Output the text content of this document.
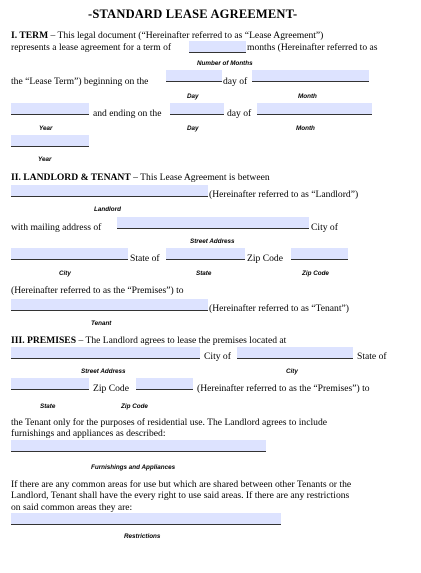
-STANDARD LEASE AGREEMENT-
I. TERM – This legal document (“Hereinafter referred to as “Lease Agreement”)
represents a lease agreement for a term of	months (Hereinafter referred to as
Number of Months
the “Lease Term”) beginning on the	day of
Day	Month
and ending on the	day of
Year	Day	Month
Year
II. LANDLORD & TENANT – This Lease Agreement is between
(Hereinafter referred to as “Landlord”)
Landlord
with mailing address of	City of
Street Address
State of	Zip Code
City	State	Zip Code
(Hereinafter referred to as the “Premises”) to
(Hereinafter referred to as “Tenant”)
Tenant
III. PREMISES – The Landlord agrees to lease the premises located at
City of	State of
Street Address	City
Zip Code	(Hereinafter referred to as the “Premises”) to
State	Zip Code
the Tenant only for the purposes of residential use. The Landlord agrees to include
furnishings and appliances as described:
Furnishings and Appliances
If there are any common areas for use but which are shared between other Tenants or the
Landlord, Tenant shall have the every right to use said areas. If there are any restrictions
on said common areas they are:
Restrictions
